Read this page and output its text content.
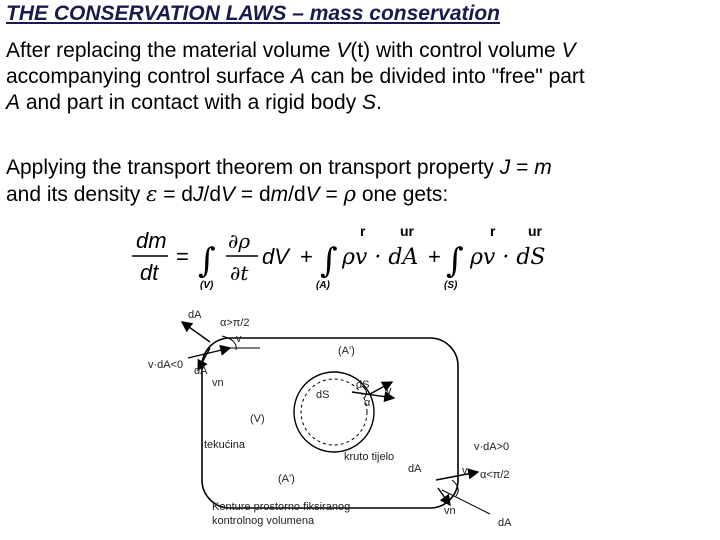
THE CONSERVATION LAWS – mass conservation
After replacing the material volume V(t) with control volume V
accompanying control surface A can be divided into "free" part
A and part in contact with a rigid body S.
Applying the transport theorem on transport property J = m
and its density ε = dJ/dV = dm/dV = ρ one gets:
dm
dt
= ∫
(V)
∂ρ
∂t
dV + ∫
(A)
r ur
ρv · dA + ∫
(S)
r ur
ρv · dS
dA
α>π/2
v
v·dA<0 dA
vn
(A')
dS
dS v
α
(V)
tekućina
kruto tijelo
v·dA>0
dA	v α<π/2
(A')
Konture prostorno fiksiranog
kontrolnog volumena
vn
dA
